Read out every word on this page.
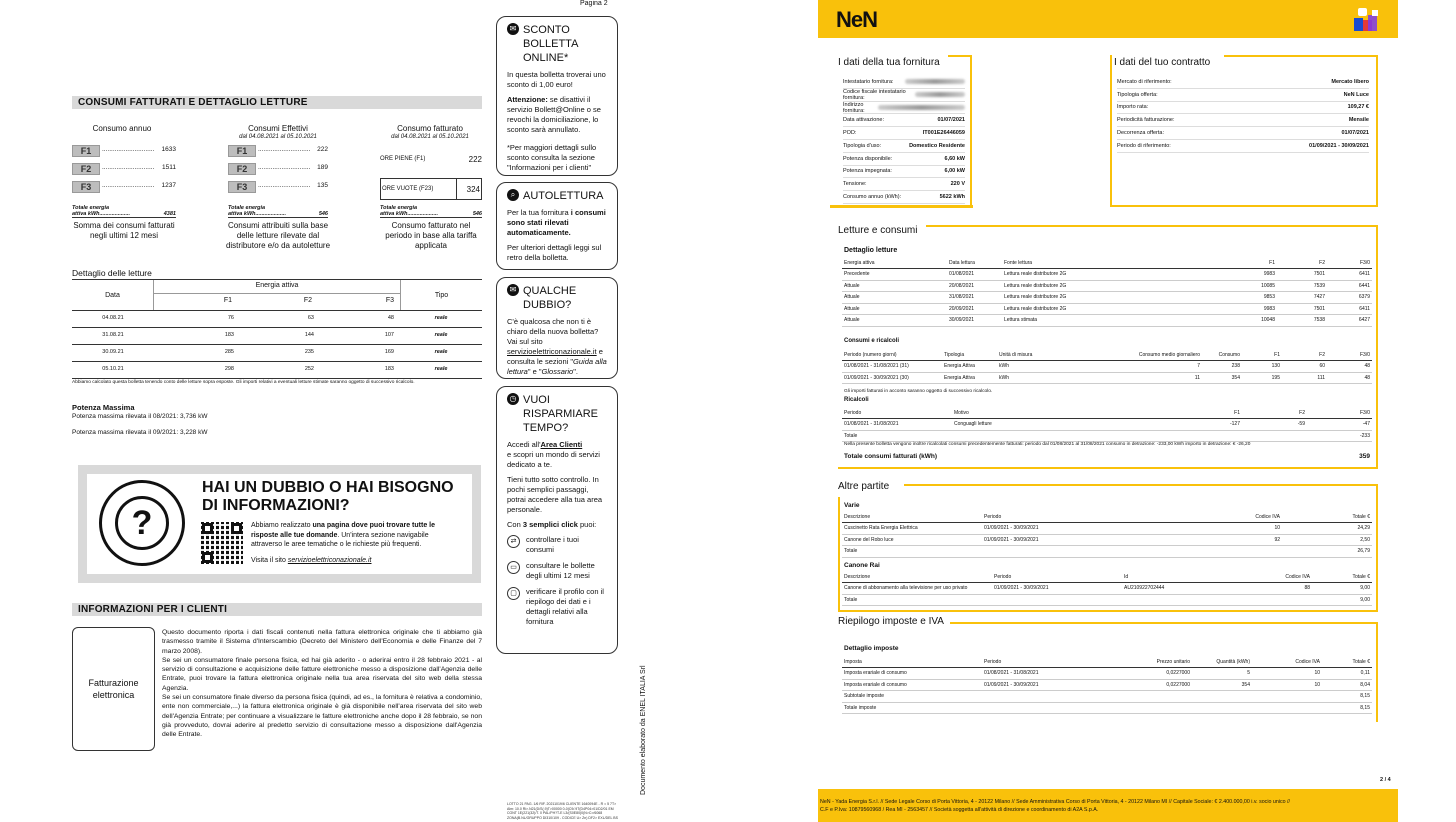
Pagina 2
CONSUMI FATTURATI E DETTAGLIO LETTURE
Consumo annuo	Consumi Effettivi
dal 04.08.2021 al 05.10.2021
Consumo fatturato
dal 04.08.2021 al 05.10.2021
ORE PIENE (F1)	222
ORE VUOTE (F23)	324
Totale energia
attiva kWh....................	4381
Totale energia
attiva kWh....................	546
Totale energia
attiva kWh....................	546
Somma dei consumi fatturati negli ultimi 12 mesi
Consumi attribuiti sulla base delle letture rilevate dal distributore e/o da autoletture
Consumo fatturato nel periodo in base alla tariffa applicata
Dettaglio delle letture
Data
Energia attiva
F1	F2	F3
Tipo
04.08.21	76	63	48	reale
31.08.21	183	144	107	reale
30.09.21	285	235	169	reale
05.10.21	298	252	183	reale
Abbiamo calcolato questa bolletta tenendo conto delle letture sopra esposte. Gli importi relativi a eventuali letture stimate saranno oggetto di successivo ricalcolo.
Potenza Massima
Potenza massima rilevata il 08/2021: 3,736 kW
Potenza massima rilevata il 09/2021: 3,228 kW
?
HAI UN DUBBIO O HAI BISOGNO
DI INFORMAZIONI?
Abbiamo realizzato una pagina dove puoi trovare tutte le risposte alle tue domande. Un'intera sezione navigabile attraverso le aree tematiche o le richieste più frequenti.
Visita il sito servizioelettriconazionale.it
INFORMAZIONI PER I CLIENTI
Fatturazione elettronica
Questo documento riporta i dati fiscali contenuti nella fattura elettronica originale che ti abbiamo già trasmesso tramite il Sistema d'Interscambio (Decreto del Ministero dell'Economia e delle Finanze del 7 marzo 2008).
Se sei un consumatore finale persona fisica, ed hai già aderito - o aderirai entro il 28 febbraio 2021 - al servizio di consultazione e acquisizione delle fatture elettroniche messo a disposizione dall'Agenzia delle Entrate, puoi trovare la fattura elettronica originale nella tua area riservata del sito web della stessa Agenzia.
Se sei un consumatore finale diverso da persona fisica (quindi, ad es., la fornitura è relativa a condominio, ente non commerciale,...) la fattura elettronica originale è già disponibile nell'area riservata del sito web dell'Agenzia Entrate; per continuare a visualizzare le fatture elettroniche anche dopo il 28 febbraio, se non già provveduto, dovrai aderire al predetto servizio di consultazione messo a disposizione dall'Agenzia delle Entrate.
✉ SCONTO BOLLETTA ONLINE*

In questa bolletta troverai uno sconto di 1,00 euro!

Attenzione: se disattivi il servizio Bollett@Online o se revochi la domiciliazione, lo sconto sarà annullato.

*Per maggiori dettagli sullo sconto consulta la sezione "Informazioni per i clienti"

⌕ AUTOLETTURA

Per la tua fornitura i consumi sono stati rilevati automaticamente.

Per ulteriori dettagli leggi sul retro della bolletta.

✉ QUALCHE DUBBIO?

C'è qualcosa che non ti è chiaro della nuova bolletta? Vai sul sito servizioelettriconazionale.it e consulta le sezioni "Guida alla lettura" e "Glossario".

◷ VUOI RISPARMIARE TEMPO?

Accedi all'Area Clienti
e scopri un mondo di servizi dedicato a te.

Tieni tutto sotto controllo. In pochi semplici passaggi, potrai accedere alla tua area personale.

Con 3 semplici click puoi:

⇄	controllare i tuoi consumi
▭	consultare le bollette degli ultimi 12 mesi
▢	verificare il profilo con il riepilogo dei dati e i dettagli relativi alla fornitura
Documento elaborato da ENEL ITALIA Srl
LOTTO 21 PAG. 1/6 RIF. 20211019/6 CLIENTE 1640094E - R = 5 7T> Alm: 10.0 Ri>.N21(D/S(.9)T>00000 0-0(C9/.9T(D4P04>01/D2/01 EM CONT 1E(221(32)/T. 0 PAL/PH?T-E L3/(S0E80)0(N>C>/6068 ZONA(B.NL/GRUPPO DI310/109 - CODICE U> Zn) DF2> EXL/DEL BS
NeN
I dati della tua fornitura	I dati del tuo contratto
Letture e consumi
Dettaglio letture
Energia attiva	Data lettura	Fonte lettura	F1	F2	F3/0
Precedente	01/08/2021	Lettura reale distributore 2G	9983	7501	6411
Attuale	20/08/2021	Lettura reale distributore 2G	10085	7539	6441
Attuale	31/08/2021	Lettura reale distributore 2G	9853	7427	6379
Attuale	20/09/2021	Lettura reale distributore 2G	9983	7501	6411
Attuale	30/09/2021	Lettura stimata	10048	7538	6427
Consumi e ricalcoli
Periodo (numero giorni)	Tipologia	Unità di misura	Consumo medio giornaliero	Consumo	F1	F2	F3/0
01/08/2021 - 31/08/2021 (31)	Energia Attiva	kWh	7	238	130	60	48
01/09/2021 - 30/09/2021 (30)	Energia Attiva	kWh	11	354	195	111	48
Gli importi fatturati in acconto saranno oggetto di successivo ricalcolo.
Ricalcoli
Periodo	Motivo	F1	F2	F3/0
01/08/2021 - 31/08/2021	Conguagli letture	-127	-59	-47
Totale				-233
Nella presente bolletta vengono inoltre ricalcolati consumi precedentemente fatturati: periodo dal 01/08/2021 al 31/08/2021 consumo in detrazione: -233,00 kWh importo in detrazione: € -26,20
Totale consumi fatturati (kWh)	359
Altre partite
Varie
Descrizione	Periodo	Codice IVA	Totale €
Cuscinetto Rata Energia Elettrica	01/09/2021 - 30/09/2021	10	24,29
Canone del Robo luce	01/09/2021 - 30/09/2021	92	2,50
Totale			26,79
Canone Rai
Descrizione	Periodo	Id	Codice IVA	Totale €
Canone di abbonamento alla televisione per uso privato	01/09/2021 - 30/09/2021	AU210922702444	88	9,00
Totale				9,00
Riepilogo imposte e IVA
Dettaglio imposte
Imposta	Periodo	Prezzo unitario	Quantità (kWh)	Codice IVA	Totale €
Imposta erariale di consumo	01/08/2021 - 31/08/2021	0,0227000	5	10	0,11
Imposta erariale di consumo	01/09/2021 - 30/09/2021	0,0227000	354	10	8,04
Subtotale imposte					8,15
Totale imposte					8,15
2 / 4
NeN - Yada Energia S.r.l. // Sede Legale Corso di Porta Vittoria, 4 - 20122 Milano // Sede Amministrativa Corso di Porta Vittoria, 4 - 20122 Milano MI // Capitale Sociale: € 2.400.000,00 i.v. socio unico //
C.F e P.Iva: 10879560968 / Rea MI - 2563457 // Società soggetta all'attività di direzione e coordinamento di A2A S.p.A.
F1	.............................	1633
F2	.............................	1511
F3	.............................	1237
F1	.............................	222
F2	.............................	189
F3	.............................	135
Intestatario fornitura:
Codice fiscale intestatario fornitura:
Indirizzo fornitura:
Data attivazione:	01/07/2021
POD:	IT001E26446059
Tipologia d'uso:	Domestico Residente
Potenza disponibile:	6,60 kW
Potenza impegnata:	6,00 kW
Tensione:	220 V
Consumo annuo (kWh):	5622 kWh
Mercato di riferimento:	Mercato libero
Tipologia offerta:	NeN Luce
Importo rata:	109,27 €
Periodicità fatturazione:	Mensile
Decorrenza offerta:	01/07/2021
Periodo di riferimento:	01/09/2021 - 30/09/2021
